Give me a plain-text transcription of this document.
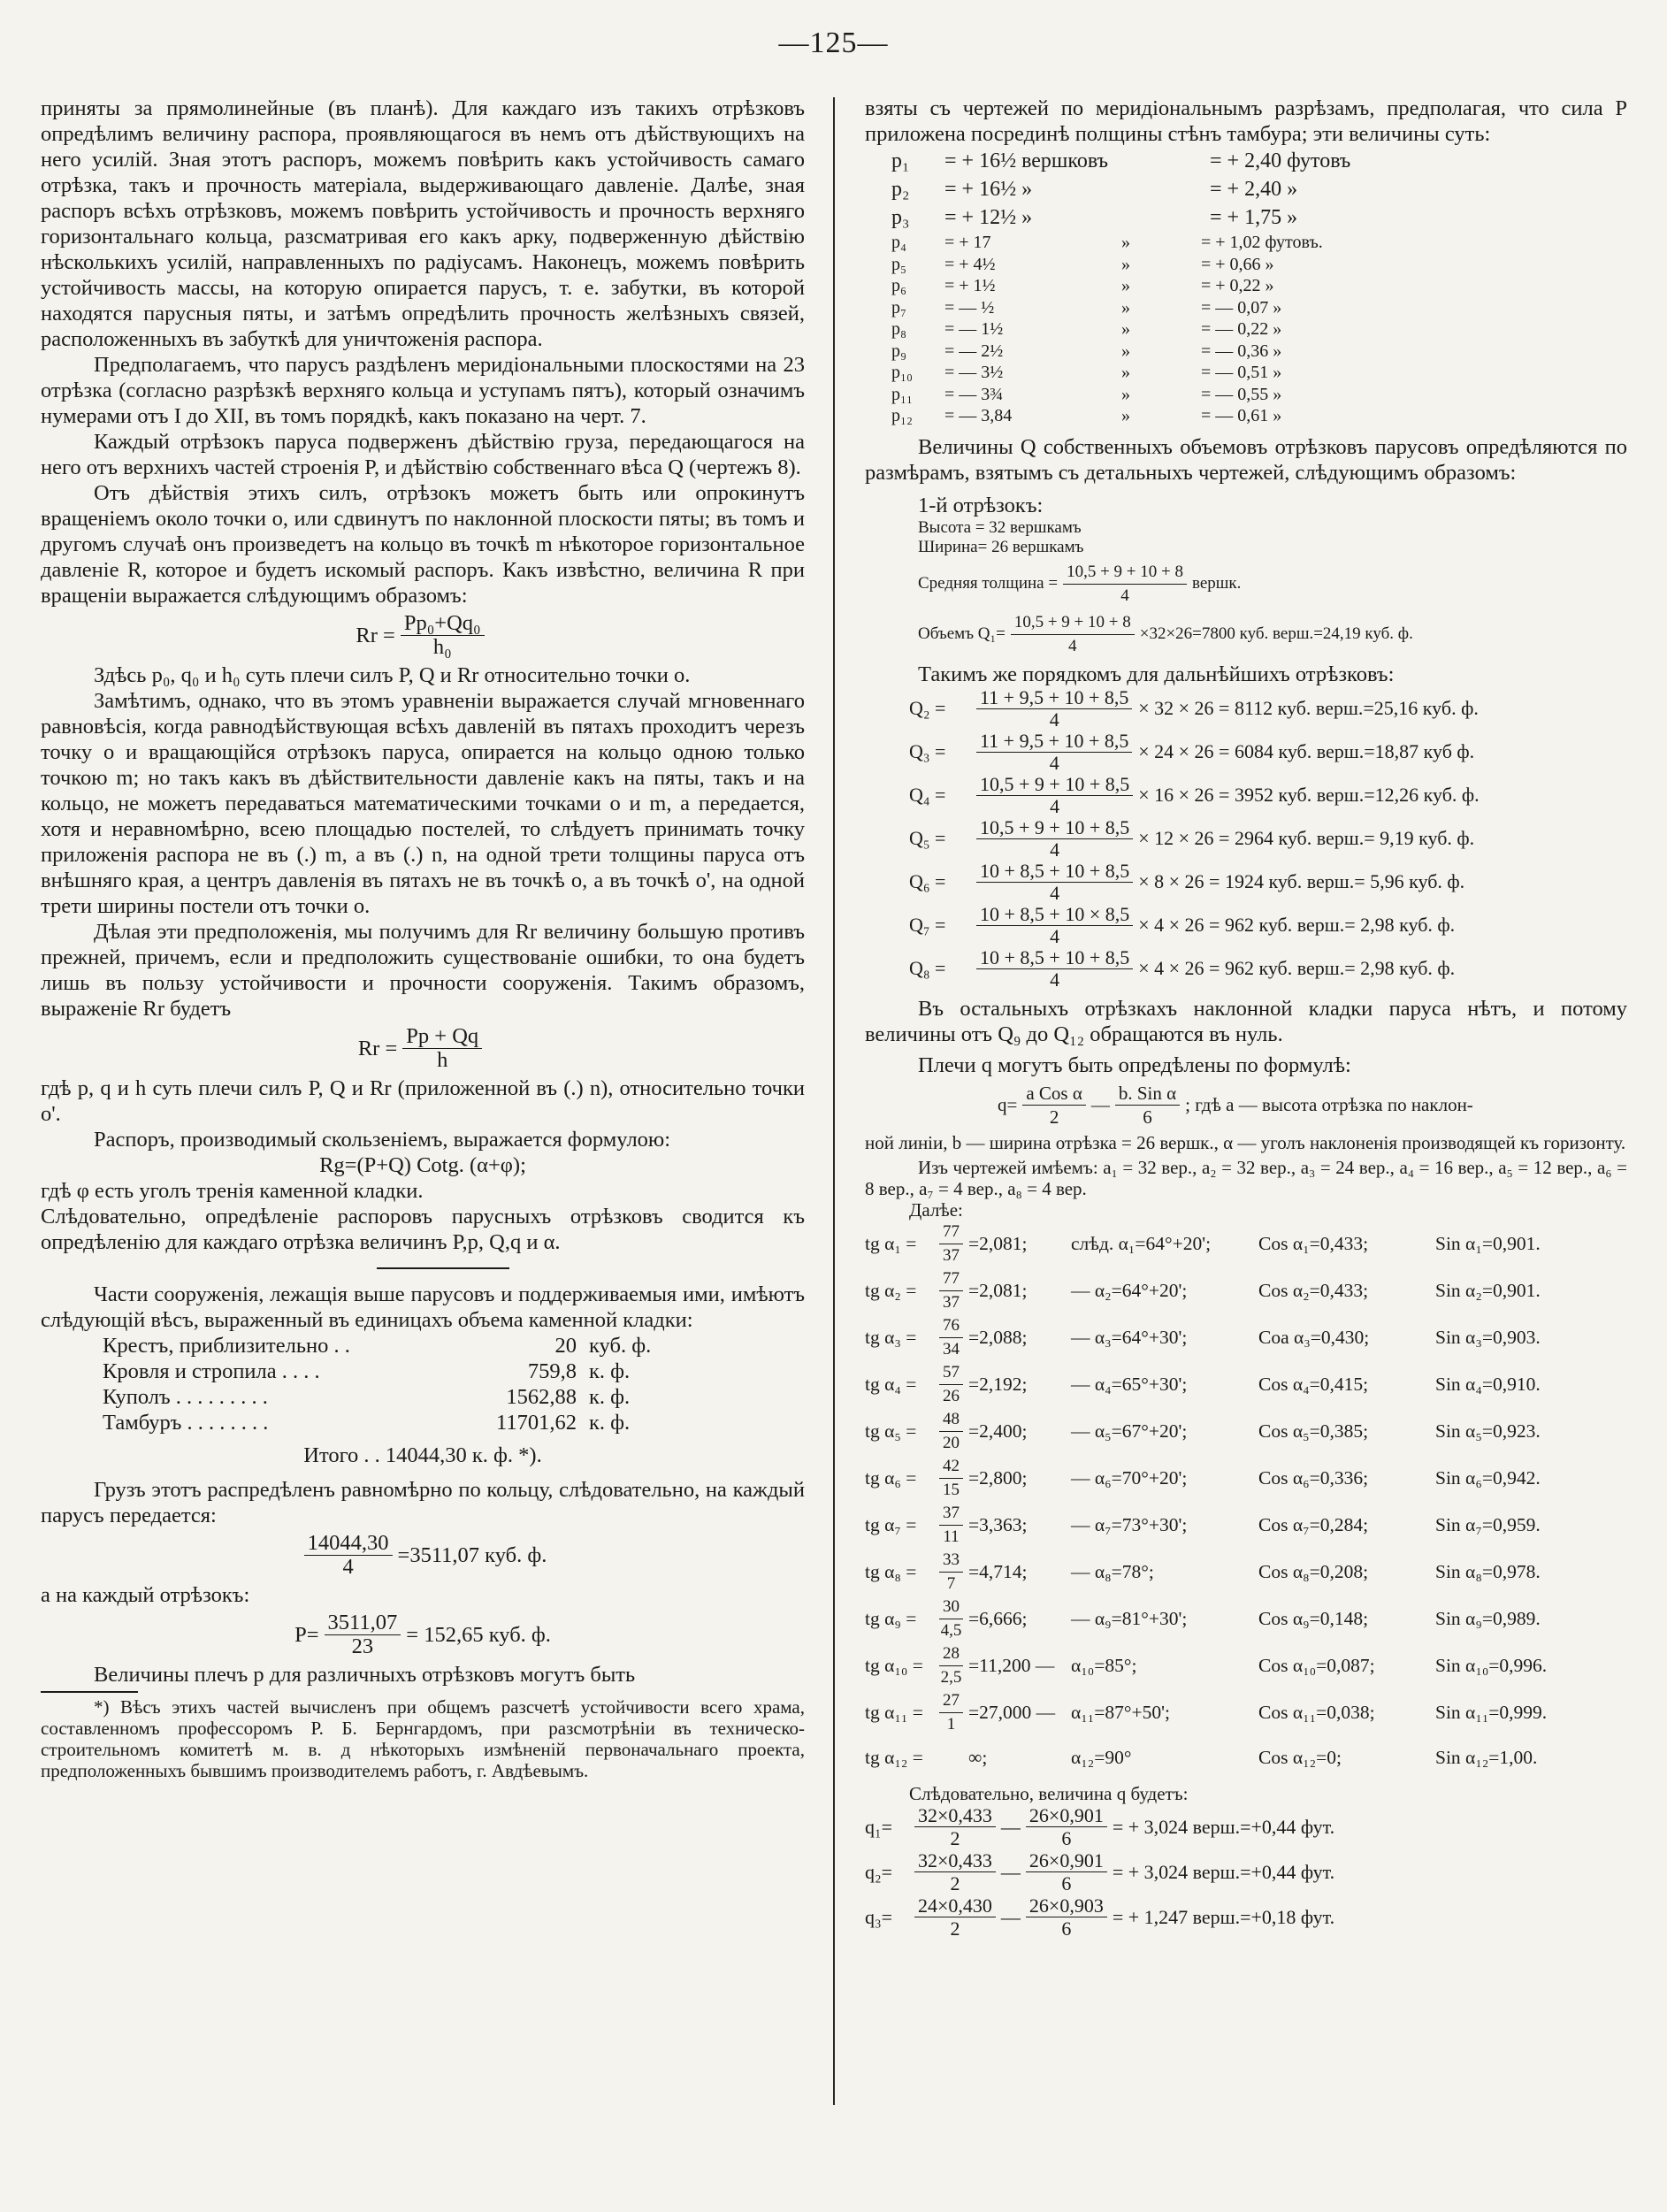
—125—

приняты за прямолинейные (въ планѣ). Для каждаго изъ такихъ отрѣзковъ опредѣлимъ величину распора, проявляющагося въ немъ отъ дѣйствующихъ на него усилій. Зная этотъ распоръ, можемъ повѣрить какъ устойчивость самаго отрѣзка, такъ и прочность матеріала, выдерживающаго давленіе. Далѣе, зная распоръ всѣхъ отрѣзковъ, можемъ повѣрить устойчивость и прочность верхняго горизонтальнаго кольца, разсматривая его какъ арку, подверженную дѣйствію нѣсколькихъ усилій, направленныхъ по радіусамъ. Наконецъ, можемъ повѣрить устойчивость массы, на которую опирается парусъ, т. е. забутки, въ которой находятся парусныя пяты, и затѣмъ опредѣлить прочность желѣзныхъ связей, расположенныхъ въ забуткѣ для уничтоженія распора.

Предполагаемъ, что парусъ раздѣленъ меридіональными плоскостями на 23 отрѣзка (согласно разрѣзкѣ верхняго кольца и уступамъ пятъ), который означимъ нумерами отъ I до XII, въ томъ порядкѣ, какъ показано на черт. 7.

Каждый отрѣзокъ паруса подверженъ дѣйствію груза, передающагося на него отъ верхнихъ частей строенія P, и дѣйствію собственнаго вѣса Q (чертежъ 8).

Отъ дѣйствія этихъ силъ, отрѣзокъ можетъ быть или опрокинутъ вращеніемъ около точки o, или сдвинутъ по наклонной плоскости пяты; въ томъ и другомъ случаѣ онъ произведетъ на кольцо въ точкѣ m нѣкоторое горизонтальное давленіе R, которое и будетъ искомый распоръ. Какъ извѣстно, величина R при вращеніи выражается слѣдующимъ образомъ:

$Rr = \frac{\text{Pp₀+Qq₀}}{\text{h₀}}$

Здѣсь p₀, q₀ и h₀ суть плечи силъ P, Q и Rr относительно точки o.

Замѣтимъ, однако, что въ этомъ уравненіи выражается случай мгновеннаго равновѣсія, когда равнодѣйствующая всѣхъ давленій въ пятахъ проходитъ черезъ точку o и вращающійся отрѣзокъ паруса, опирается на кольцо одною только точкою m; но такъ какъ въ дѣйствительности давленіе какъ на пяты, такъ и на кольцо, не можетъ передаваться математическими точками o и m, а передается, хотя и неравномѣрно, всею площадью постелей, то слѣдуетъ принимать точку приложенія распора не въ (.) m, а въ (.) n, на одной трети толщины паруса отъ внѣшняго края, а центръ давленія въ пятахъ не въ точкѣ o, а въ точкѣ o', на одной трети ширины постели отъ точки o.

Дѣлая эти предположенія, мы получимъ для Rr величину большую противъ прежней, причемъ, если и предположить существованіе ошибки, то она будетъ лишь въ пользу устойчивости и прочности сооруженія. Такимъ образомъ, выраженіе Rr будетъ

$Rr = \frac{Pp + Qq}{h}$

гдѣ p, q и h суть плечи силъ P, Q и Rr (приложенной въ (.) n), относительно точки o'.

Распоръ, производимый скользеніемъ, выражается формулою:

Rg=(P+Q) Cotg. (α+φ);

гдѣ φ есть уголъ тренія каменной кладки.

Слѣдовательно, опредѣленіе распоровъ парусныхъ отрѣзковъ сводится къ опредѣленію для каждаго отрѣзка величинъ P,p, Q,q и α.

Части сооруженія, лежащія выше парусовъ и поддерживаемыя ими, имѣютъ слѣдующій вѣсъ, выраженный въ единицахъ объема каменной кладки:

Крестъ, приблизительно . .	20 куб. ф.
Кровля и стропила . . . .	759,8 к. ф.
Куполъ . . . . . . . . .	1562,88 к. ф.
Тамбуръ . . . . . . . .	11701,62 к. ф.

Итого . . 14044,30 к. ф. *).

Грузъ этотъ распредѣленъ равномѣрно по кольцу, слѣдовательно, на каждый парусъ передается:

$\frac{14044,30}{4} =3511,07$ куб. ф.

а на каждый отрѣзокъ:

$P= \frac{3511,07}{23} = 152,65$ куб. ф.

Величины плечъ p для различныхъ отрѣзковъ могутъ быть

*) Вѣсъ этихъ частей вычисленъ при общемъ разсчетѣ устойчивости всего храма, составленномъ профессоромъ Р. Б. Бернгардомъ, при разсмотрѣніи въ техническо-строительномъ комитетѣ м. в. д нѣкоторыхъ измѣненій первоначальнаго проекта, предположенныхъ бывшимъ производителемъ работъ, г. Авдѣевымъ.

взяты съ чертежей по меридіональнымъ разрѣзамъ, предполагая, что сила P приложена посрединѣ полщины стѣнъ тамбура; эти величины суть:

p₁	= + 16½ вершковъ	= + 2,40 футовъ
p₂	= + 16½ »	= + 2,40 »
p₃	= + 12½ »	= + 1,75 »
p₄	= + 17	»	= + 1,02 футовъ.
p₅	= + 4½	»	= + 0,66 »
p₆	= + 1½	»	= + 0,22 »
p₇	= — ½	»	= — 0,07 »
p₈	= — 1½	»	= — 0,22 »
p₉	= — 2½	»	= — 0,36 »
p₁₀	= — 3½	»	= — 0,51 »
p₁₁	= — 3¾	»	= — 0,55 »
p₁₂	= — 3,84	»	= — 0,61 »

Величины Q собственныхъ объемовъ отрѣзковъ парусовъ опредѣляются по размѣрамъ, взятымъ съ детальныхъ чертежей, слѣдующимъ образомъ:

1-й отрѣзокъ:

Высота = 32 вершкамъ

Ширина= 26 вершкамъ

Средняя толщина = $\frac{10,5 + 9 + 10 + 8}{4}$ вершк.
Объемъ $Q_1= \frac{10,5 + 9 + 10 + 8}{4} \times 32\times 26=7800$ куб. верш.=24,19 куб. ф.

Такимъ же порядкомъ для дальнѣйшихъ отрѣзковъ:

Q₂ =	$\frac{11 + 9,5 + 10 + 8,5}{4}$	× 32 × 26 = 8112 куб. верш.=25,16 куб. ф.
Q₃ =	$\frac{11 + 9,5 + 10 + 8,5}{4}$	× 24 × 26 = 6084 куб. верш.=18,87 куб ф.
Q₄ =	$\frac{10,5 + 9 + 10 + 8,5}{4}$	× 16 × 26 = 3952 куб. верш.=12,26 куб. ф.
Q₅ =	$\frac{10,5 + 9 + 10 + 8,5}{4}$	× 12 × 26 = 2964 куб. верш.= 9,19 куб. ф.
Q₆ =	$\frac{10 + 8,5 + 10 + 8,5}{4}$	× 8 × 26 = 1924 куб. верш.= 5,96 куб. ф.
Q₇ =	$\frac{10 + 8,5 + 10 \times 8,5}{4}$	× 4 × 26 = 962 куб. верш.= 2,98 куб. ф.
Q₈ =	$\frac{10 + 8,5 + 10 + 8,5}{4}$	× 4 × 26 = 962 куб. верш.= 2,98 куб. ф.

Въ остальныхъ отрѣзкахъ наклонной кладки паруса нѣтъ, и потому величины отъ Q₉ до Q₁₂ обращаются въ нуль.

Плечи q могутъ быть опредѣлены по формулѣ:

$q= \frac{\text{a Cos α}}{2}$ — $\frac{\text{b. Sin α}}{6}$ ; гдѣ a — высота отрѣзка по наклон-

ной линіи, b — ширина отрѣзка = 26 вершк., α — уголъ наклоненія производящей къ горизонту.

Изъ чертежей имѣемъ: a₁ = 32 вер., a₂ = 32 вер., a₃ = 24 вер., a₄ = 16 вер., a₅ = 12 вер., a₆ = 8 вер., a₇ = 4 вер., a₈ = 4 вер.

Далѣе:

tg α₁ =	$\frac{77}{37}$	=2,081;	слѣд. α₁=64°+20';	Cos α₁=0,433;	Sin α₁=0,901.
tg α₂ =	$\frac{77}{37}$	=2,081;	— α₂=64°+20';	Cos α₂=0,433;	Sin α₂=0,901.
tg α₃ =	$\frac{76}{34}$	=2,088;	— α₃=64°+30';	Coa α₃=0,430;	Sin α₃=0,903.
tg α₄ =	$\frac{57}{26}$	=2,192;	— α₄=65°+30';	Cos α₄=0,415;	Sin α₄=0,910.
tg α₅ =	$\frac{48}{20}$	=2,400;	— α₅=67°+20';	Cos α₅=0,385;	Sin α₅=0,923.
tg α₆ =	$\frac{42}{15}$	=2,800;	— α₆=70°+20';	Cos α₆=0,336;	Sin α₆=0,942.
tg α₇ =	$\frac{37}{11}$	=3,363;	— α₇=73°+30';	Cos α₇=0,284;	Sin α₇=0,959.
tg α₈ =	$\frac{33}{7}$	=4,714;	— α₈=78°;	Cos α₈=0,208;	Sin α₈=0,978.
tg α₉ =	$\frac{30}{4,5}$	=6,666;	— α₉=81°+30';	Cos α₉=0,148;	Sin α₉=0,989.
tg α₁₀ =	$\frac{28}{2,5}$	=11,200 —	α₁₀=85°;	Cos α₁₀=0,087;	Sin α₁₀=0,996.
tg α₁₁ =	$\frac{27}{1}$	=27,000 —	α₁₁=87°+50';	Cos α₁₁=0,038;	Sin α₁₁=0,999.
tg α₁₂ =		∞;	α₁₂=90°	Cos α₁₂=0;	Sin α₁₂=1,00.

Слѣдовательно, величина q будетъ:

q₁=	$\frac{32\times 0,433}{2}$	—	$\frac{26\times 0,901}{6}$	= + 3,024 верш.=+0,44 фут.
q₂=	$\frac{32\times 0,433}{2}$	—	$\frac{26\times 0,901}{6}$	= + 3,024 верш.=+0,44 фут.
q₃=	$\frac{24\times 0,430}{2}$	—	$\frac{26\times 0,903}{6}$	= + 1,247 верш.=+0,18 фут.
